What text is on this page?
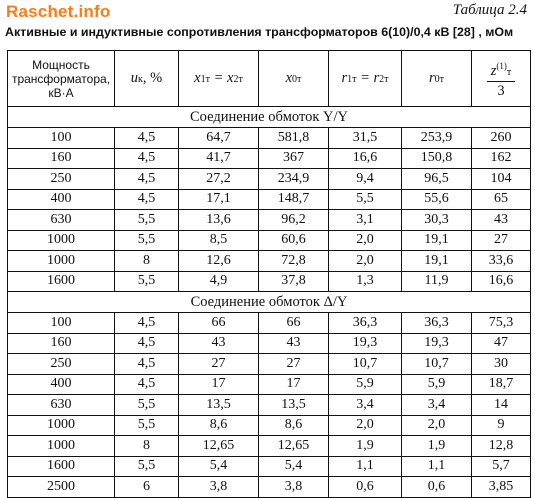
Raschet.info	Таблица 2.4
Активные и индуктивные сопротивления трансформаторов 6(10)/0,4 кВ [28] , мОм
Мощность
трансформатора,
кВ·А	uк, %	x1т = x2т	x0т	r1т = r2т	r0т	$\frac{z^{(1)}т}{3}$

Соединение обмоток Y/Y						
100	4,5	64,7	581,8	31,5	253,9	260
160	4,5	41,7	367	16,6	150,8	162
250	4,5	27,2	234,9	9,4	96,5	104
400	4,5	17,1	148,7	5,5	55,6	65
630	5,5	13,6	96,2	3,1	30,3	43
1000	5,5	8,5	60,6	2,0	19,1	27
1000	8	12,6	72,8	2,0	19,1	33,6
1600	5,5	4,9	37,8	1,3	11,9	16,6
Соединение обмоток Δ/Y						
100	4,5	66	66	36,3	36,3	75,3
160	4,5	43	43	19,3	19,3	47
250	4,5	27	27	10,7	10,7	30
400	4,5	17	17	5,9	5,9	18,7
630	5,5	13,5	13,5	3,4	3,4	14
1000	5,5	8,6	8,6	2,0	2,0	9
1000	8	12,65	12,65	1,9	1,9	12,8
1600	5,5	5,4	5,4	1,1	1,1	5,7
2500	6	3,8	3,8	0,6	0,6	3,85
